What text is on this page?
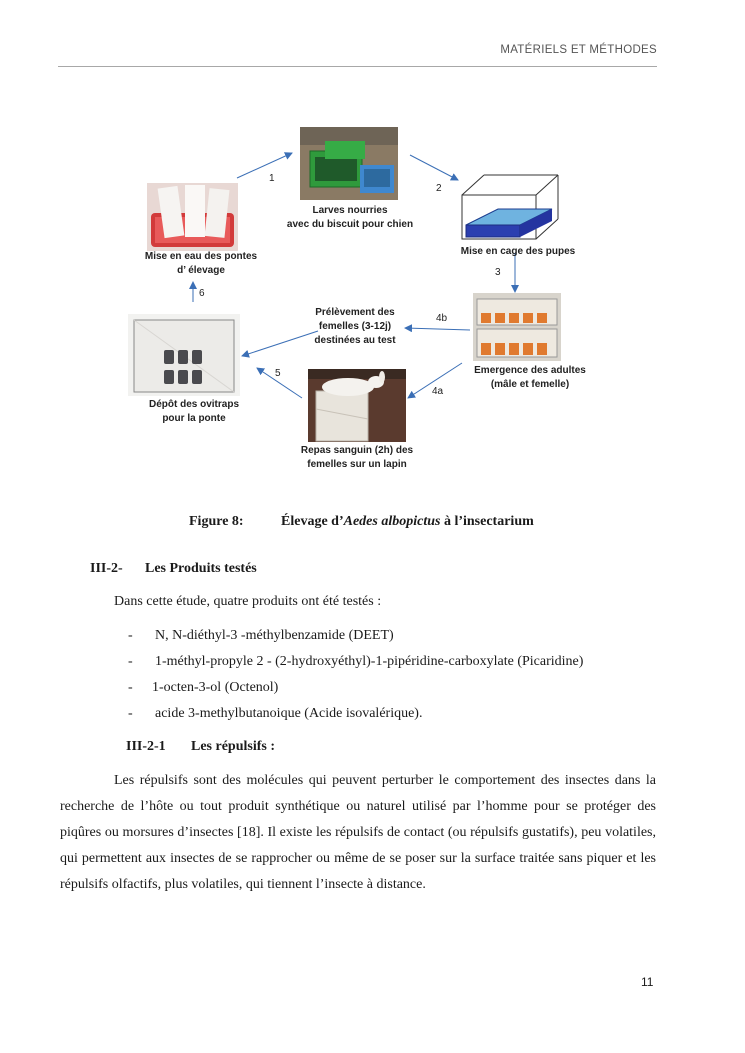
MATÉRIELS ET MÉTHODES
Larves nourries
avec du biscuit pour chien
Mise en cage des pupes
Emergence des adultes
(mâle et femelle)
Repas sanguin (2h) des
femelles sur un lapin
Prélèvement des
femelles (3-12j)
destinées au test
Dépôt des ovitraps
pour la ponte
Mise en eau des pontes
d’ élevage
1
2
3
4b
4a
5
6
Figure 8:	Élevage d’Aedes albopictus à l’insectarium
III-2- Les Produits testés
Dans cette étude, quatre produits ont été testés :
- N, N-diéthyl-3 -méthylbenzamide (DEET)
- 1-méthyl-propyle 2 - (2-hydroxyéthyl)-1-pipéridine-carboxylate (Picaridine)
- 1-octen-3-ol (Octenol)
- acide 3-methylbutanoique (Acide isovalérique).
III-2-1 Les répulsifs :
Les répulsifs sont des molécules qui peuvent perturber le comportement des insectes dans la recherche de l’hôte ou tout produit synthétique ou naturel utilisé par l’homme pour se protéger des piqûres ou morsures d’insectes [18]. Il existe les répulsifs de contact (ou répulsifs gustatifs), peu volatiles, qui permettent aux insectes de se rapprocher ou même de se poser sur la surface traitée sans piquer et les répulsifs olfactifs, plus volatiles, qui tiennent l’insecte à distance.
11
